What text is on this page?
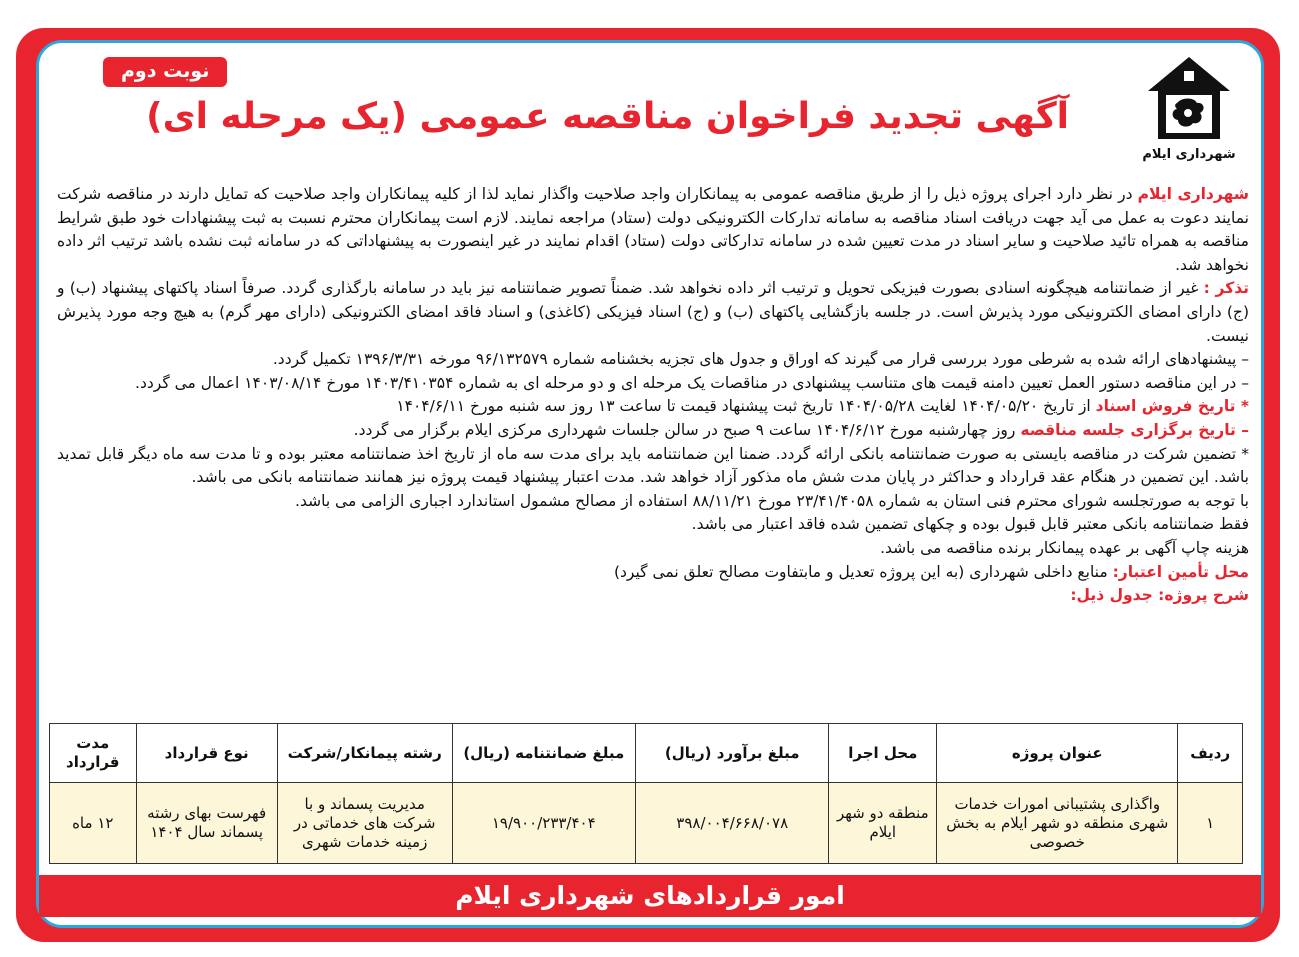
شهرداری ایلام
نوبت دوم
آگهی تجدید فراخوان مناقصه عمومی (یک مرحله ای)

شهرداری ایلام در نظر دارد اجرای پروژه ذیل را از طریق مناقصه عمومی به پیمانکاران واجد صلاحیت واگذار نماید لذا از کلیه پیمانکاران واجد صلاحیت که تمایل دارند در مناقصه شرکت نمایند دعوت به عمل می آید جهت دریافت اسناد مناقصه به سامانه تدارکات الکترونیکی دولت (ستاد) مراجعه نمایند. لازم است پیمانکاران محترم نسبت به ثبت پیشنهادات خود طبق شرایط مناقصه به همراه تائید صلاحیت و سایر اسناد در مدت تعیین شده در سامانه تدارکاتی دولت (ستاد) اقدام نمایند در غیر اینصورت به پیشنهاداتی که در سامانه ثبت نشده باشد ترتیب اثر داده نخواهد شد.

تذکر : غیر از ضمانتنامه هیچگونه اسنادی بصورت فیزیکی تحویل و ترتیب اثر داده نخواهد شد. ضمناً تصویر ضمانتنامه نیز باید در سامانه بارگذاری گردد. صرفاً اسناد پاکتهای پیشنهاد (ب) و (ج) دارای امضای الکترونیکی مورد پذیرش است. در جلسه بازگشایی پاکتهای (ب) و (ج) اسناد فیزیکی (کاغذی) و اسناد فاقد امضای الکترونیکی (دارای مهر گرم) به هیچ وجه مورد پذیرش نیست.

– پیشنهادهای ارائه شده به شرطی مورد بررسی قرار می گیرند که اوراق و جدول های تجزیه بخشنامه شماره ۹۶/۱۳۲۵۷۹ مورخه ۱۳۹۶/۳/۳۱ تکمیل گردد.

– در این مناقصه دستور العمل تعیین دامنه قیمت های متناسب پیشنهادی در مناقصات یک مرحله ای و دو مرحله ای به شماره ۱۴۰۳/۴۱۰۳۵۴ مورخ ۱۴۰۳/۰۸/۱۴ اعمال می گردد.

* تاریخ فروش اسناد از تاریخ ۱۴۰۴/۰۵/۲۰ لغایت ۱۴۰۴/۰۵/۲۸ تاریخ ثبت پیشنهاد قیمت تا ساعت ۱۳ روز سه شنبه مورخ ۱۴۰۴/۶/۱۱

– تاریخ برگزاری جلسه مناقصه روز چهارشنبه مورخ ۱۴۰۴/۶/۱۲ ساعت ۹ صبح در سالن جلسات شهرداری مرکزی ایلام برگزار می گردد.

* تضمین شرکت در مناقصه بایستی به صورت ضمانتنامه بانکی ارائه گردد. ضمنا این ضمانتنامه باید برای مدت سه ماه از تاریخ اخذ ضمانتنامه معتبر بوده و تا مدت سه ماه دیگر قابل تمدید باشد. این تضمین در هنگام عقد قرارداد و حداکثر در پایان مدت شش ماه مذکور آزاد خواهد شد. مدت اعتبار پیشنهاد قیمت پروژه نیز همانند ضمانتنامه بانکی می باشد.

با توجه به صورتجلسه شورای محترم فنی استان به شماره ۲۳/۴۱/۴۰۵۸ مورخ ۸۸/۱۱/۲۱ استفاده از مصالح مشمول استاندارد اجباری الزامی می باشد.

فقط ضمانتنامه بانکی معتبر قابل قبول بوده و چکهای تضمین شده فاقد اعتبار می باشد.

هزینه چاپ آگهی بر عهده پیمانکار برنده مناقصه می باشد.

محل تأمین اعتبار: منابع داخلی شهرداری (به این پروژه تعدیل و مابتفاوت مصالح تعلق نمی گیرد)

شرح پروژه: جدول ذیل:

ردیف	عنوان پروژه	محل اجرا	مبلغ برآورد (ریال)	مبلغ ضمانتنامه (ریال)	رشته پیمانکار/شرکت	نوع قرارداد	مدت قرارداد
۱	واگذاری پشتیبانی امورات خدمات شهری منطقه دو شهر ایلام به بخش خصوصی	منطقه دو شهر ایلام	۳۹۸/۰۰۴/۶۶۸/۰۷۸	۱۹/۹۰۰/۲۳۳/۴۰۴	مدیریت پسماند و با شرکت های خدماتی در زمینه خدمات شهری	فهرست بهای رشته پسماند سال ۱۴۰۴	۱۲ ماه
امور قراردادهای شهرداری ایلام
